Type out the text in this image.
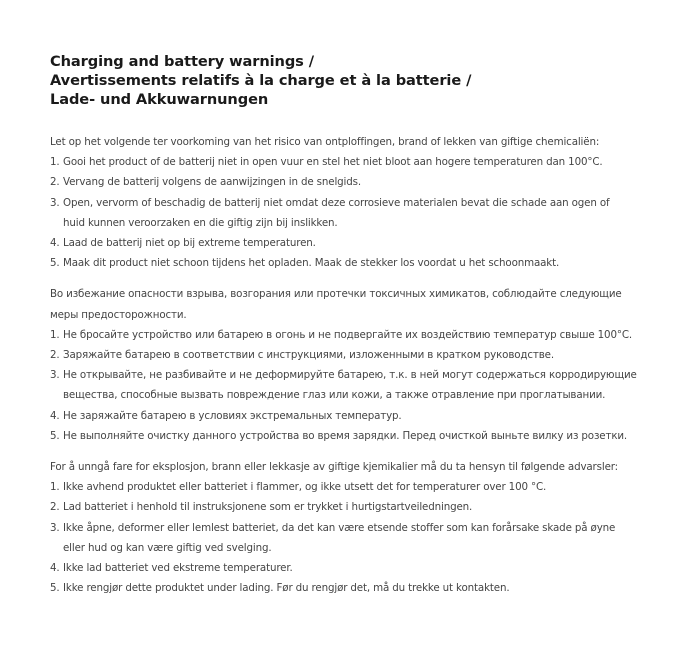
Charging and battery warnings /
Avertissements relatifs à la charge et à la batterie /
Lade- und Akkuwarnungen

Let op het volgende ter voorkoming van het risico van ontploffingen, brand of lekken van giftige chemicaliën:

1. Gooi het product of de batterij niet in open vuur en stel het niet bloot aan hogere temperaturen dan 100°C.

2. Vervang de batterij volgens de aanwijzingen in de snelgids.

3. Open, vervorm of beschadig de batterij niet omdat deze corrosieve materialen bevat die schade aan ogen of
huid kunnen veroorzaken en die giftig zijn bij inslikken.

4. Laad de batterij niet op bij extreme temperaturen.

5. Maak dit product niet schoon tijdens het opladen. Maak de stekker los voordat u het schoonmaakt.

Во избежание опасности взрыва, возгорания или протечки токсичных химикатов, соблюдайте следующие

меры предосторожности.

1. Не бросайте устройство или батарею в огонь и не подвергайте их воздействию температур свыше 100°C.

2. Заряжайте батарею в соответствии с инструкциями, изложенными в кратком руководстве.

3. Не открывайте, не разбивайте и не деформируйте батарею, т.к. в ней могут содержаться корродирующие
вещества, способные вызвать повреждение глаз или кожи, а также отравление при проглатывании.

4. Не заряжайте батарею в условиях экстремальных температур.

5. Не выполняйте очистку данного устройства во время зарядки. Перед очисткой выньте вилку из розетки.

For å unngå fare for eksplosjon, brann eller lekkasje av giftige kjemikalier må du ta hensyn til følgende advarsler:

1. Ikke avhend produktet eller batteriet i flammer, og ikke utsett det for temperaturer over 100 °C.

2. Lad batteriet i henhold til instruksjonene som er trykket i hurtigstartveiledningen.

3. Ikke åpne, deformer eller lemlest batteriet, da det kan være etsende stoffer som kan forårsake skade på øyne
eller hud og kan være giftig ved svelging.

4. Ikke lad batteriet ved ekstreme temperaturer.

5. Ikke rengjør dette produktet under lading. Før du rengjør det, må du trekke ut kontakten.
